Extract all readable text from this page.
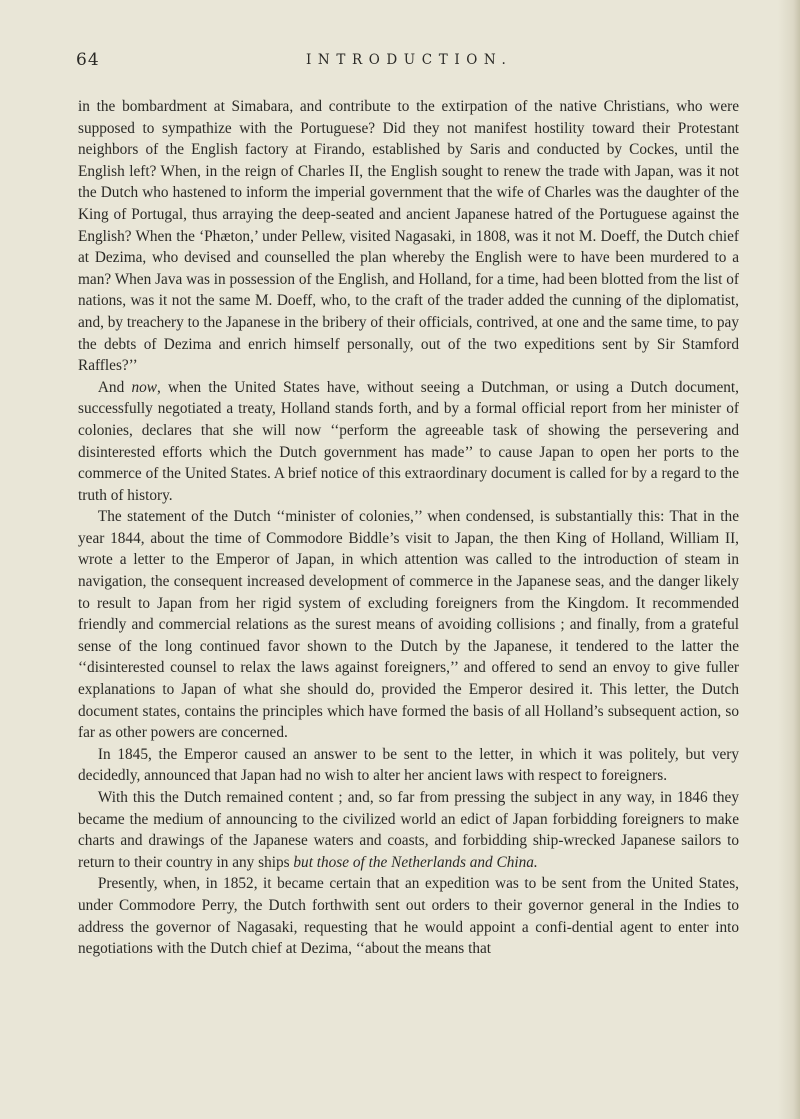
64	INTRODUCTION.

in the bombardment at Simabara, and contribute to the extirpation of the native Christians, who were supposed to sympathize with the Portuguese? Did they not manifest hostility toward their Protestant neighbors of the English factory at Firando, established by Saris and conducted by Cockes, until the English left? When, in the reign of Charles II, the English sought to renew the trade with Japan, was it not the Dutch who hastened to inform the imperial government that the wife of Charles was the daughter of the King of Portugal, thus arraying the deep-seated and ancient Japanese hatred of the Portuguese against the English? When the ‘Phæton,’ under Pellew, visited Nagasaki, in 1808, was it not M. Doeff, the Dutch chief at Dezima, who devised and counselled the plan whereby the English were to have been murdered to a man? When Java was in possession of the English, and Holland, for a time, had been blotted from the list of nations, was it not the same M. Doeff, who, to the craft of the trader added the cunning of the diplomatist, and, by treachery to the Japanese in the bribery of their officials, contrived, at one and the same time, to pay the debts of Dezima and enrich himself personally, out of the two expeditions sent by Sir Stamford Raffles?’’

And now, when the United States have, without seeing a Dutchman, or using a Dutch document, successfully negotiated a treaty, Holland stands forth, and by a formal official report from her minister of colonies, declares that she will now ‘‘perform the agreeable task of showing the persevering and disinterested efforts which the Dutch government has made’’ to cause Japan to open her ports to the commerce of the United States. A brief notice of this extraordinary document is called for by a regard to the truth of history.

The statement of the Dutch ‘‘minister of colonies,’’ when condensed, is substantially this: That in the year 1844, about the time of Commodore Biddle’s visit to Japan, the then King of Holland, William II, wrote a letter to the Emperor of Japan, in which attention was called to the introduction of steam in navigation, the consequent increased development of commerce in the Japanese seas, and the danger likely to result to Japan from her rigid system of excluding foreigners from the Kingdom. It recommended friendly and commercial relations as the surest means of avoiding collisions ; and finally, from a grateful sense of the long continued favor shown to the Dutch by the Japanese, it tendered to the latter the ‘‘disinterested counsel to relax the laws against foreigners,’’ and offered to send an envoy to give fuller explanations to Japan of what she should do, provided the Emperor desired it. This letter, the Dutch document states, contains the principles which have formed the basis of all Holland’s subsequent action, so far as other powers are concerned.

In 1845, the Emperor caused an answer to be sent to the letter, in which it was politely, but very decidedly, announced that Japan had no wish to alter her ancient laws with respect to foreigners.

With this the Dutch remained content ; and, so far from pressing the subject in any way, in 1846 they became the medium of announcing to the civilized world an edict of Japan forbidding foreigners to make charts and drawings of the Japanese waters and coasts, and forbidding ship-wrecked Japanese sailors to return to their country in any ships but those of the Netherlands and China.

Presently, when, in 1852, it became certain that an expedition was to be sent from the United States, under Commodore Perry, the Dutch forthwith sent out orders to their governor general in the Indies to address the governor of Nagasaki, requesting that he would appoint a confi-dential agent to enter into negotiations with the Dutch chief at Dezima, ‘‘about the means that
